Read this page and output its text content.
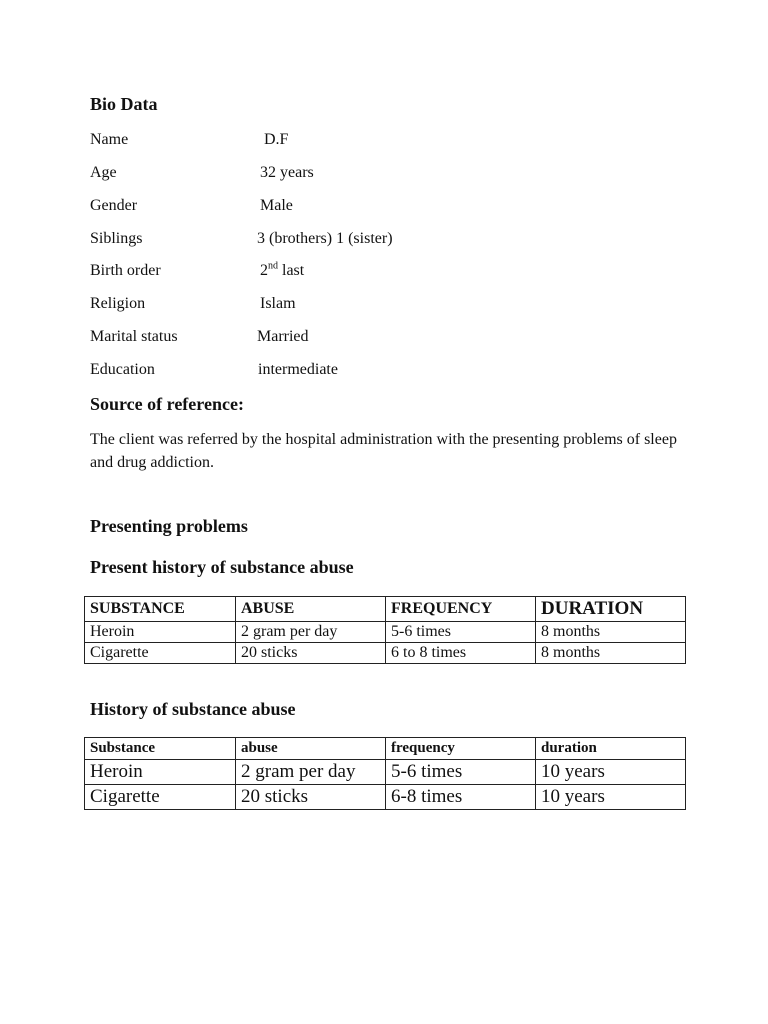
Bio Data
Name	D.F
Age	32 years
Gender	Male
Siblings	3 (brothers) 1 (sister)
Birth order	2nd last
Religion	Islam
Marital status	Married
Education	intermediate
Source of reference:
The client was referred by the hospital administration with the presenting problems of sleep and drug addiction.
Presenting problems
Present history of substance abuse
SUBSTANCE	ABUSE	FREQUENCY	DURATION
Heroin	2 gram per day	5-6 times	8 months
Cigarette	20 sticks	6 to 8 times	8 months
History of substance abuse
Substance	abuse	frequency	duration
Heroin	2 gram per day	5-6 times	10 years
Cigarette	20 sticks	6-8 times	10 years
